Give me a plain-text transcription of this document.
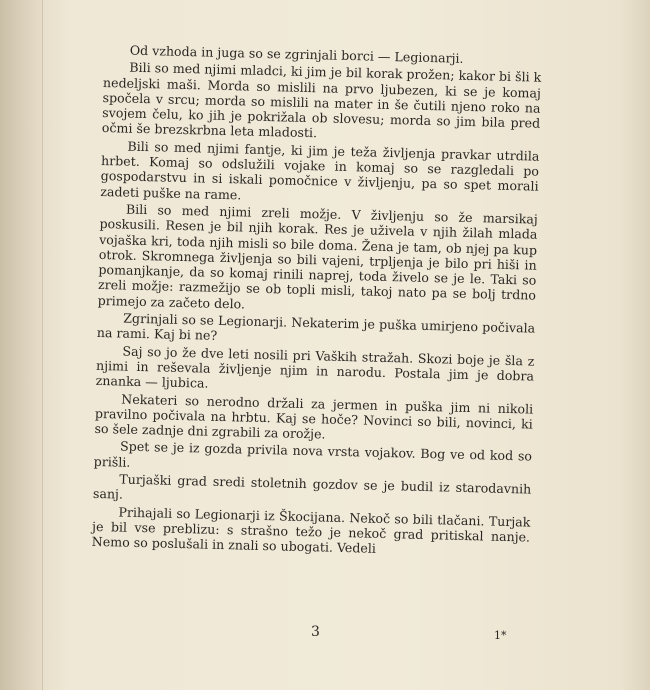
Od vzhoda in juga so se zgrinjali borci — Legionarji.

Bili so med njimi mladci, ki jim je bil korak prožen; kakor bi šli k nedeljski maši. Morda so mislili na prvo ljubezen, ki se je komaj spočela v srcu; morda so mislili na mater in še čutili njeno roko na svojem čelu, ko jih je pokrižala ob slovesu; morda so jim bila pred očmi še brezskrbna leta mladosti.

Bili so med njimi fantje, ki jim je teža življenja pravkar utrdila hrbet. Komaj so odslužili vojake in komaj so se razgledali po gospodarstvu in si iskali pomočnice v življenju, pa so spet morali zadeti puške na rame.

Bili so med njimi zreli možje. V življenju so že marsikaj poskusili. Resen je bil njih korak. Res je uživela v njih žilah mlada vojaška kri, toda njih misli so bile doma. Žena je tam, ob njej pa kup otrok. Skromnega življenja so bili vajeni, trpljenja je bilo pri hiši in pomanjkanje, da so komaj rinili naprej, toda živelo se je le. Taki so zreli možje: razmežijo se ob topli misli, takoj nato pa se bolj trdno primejo za začeto delo.

Zgrinjali so se Legionarji. Nekaterim je puška umirjeno počivala na rami. Kaj bi ne?

Saj so jo že dve leti nosili pri Vaških stražah. Skozi boje je šla z njimi in reševala življenje njim in narodu. Postala jim je dobra znanka — ljubica.

Nekateri so nerodno držali za jermen in puška jim ni nikoli pravilno počivala na hrbtu. Kaj se hoče? Novinci so bili, novinci, ki so šele zadnje dni zgrabili za orožje.

Spet se je iz gozda privila nova vrsta vojakov. Bog ve od kod so prišli.

Turjaški grad sredi stoletnih gozdov se je budil iz starodavnih sanj.

Prihajali so Legionarji iz Škocijana. Nekoč so bili tlačani. Turjak je bil vse preblizu: s strašno težo je nekoč grad pritiskal nanje. Nemo so poslušali in znali so ubogati. Vedeli

3	1*
